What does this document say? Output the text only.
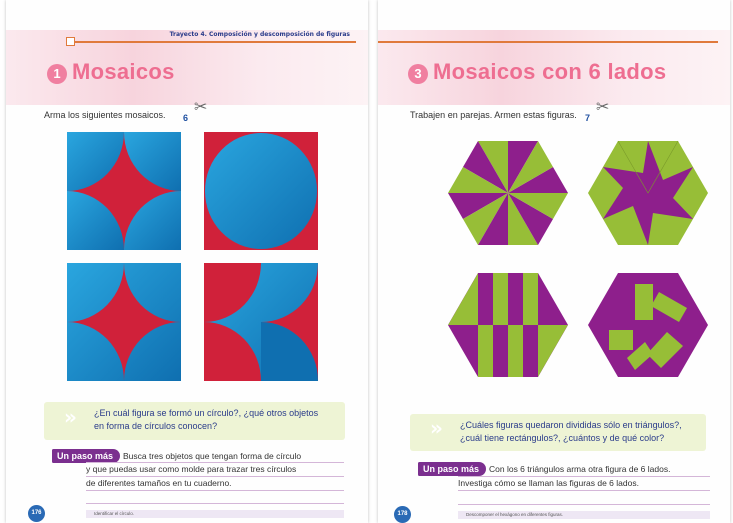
Trayecto 4. Composición y descomposición de figuras
1 Mosaicos
Arma los siguientes mosaicos. 6
✂
» ¿En cuál figura se formó un círculo?, ¿qué otros objetos
en forma de círculos conocen?
Un paso más	Busca tres objetos que tengan forma de círculo
y que puedas usar como molde para trazar tres círculos
de diferentes tamaños en tu cuaderno.
176	Identificar el círculo.
3 Mosaicos con 6 lados
Trabajen en parejas. Armen estas figuras. 7
✂
» ¿Cuáles figuras quedaron divididas sólo en triángulos?,
¿cuál tiene rectángulos?, ¿cuántos y de qué color?
Un paso más	Con los 6 triángulos arma otra figura de 6 lados.
Investiga cómo se llaman las figuras de 6 lados.
178	Descomponer el hexágono en diferentes figuras.
